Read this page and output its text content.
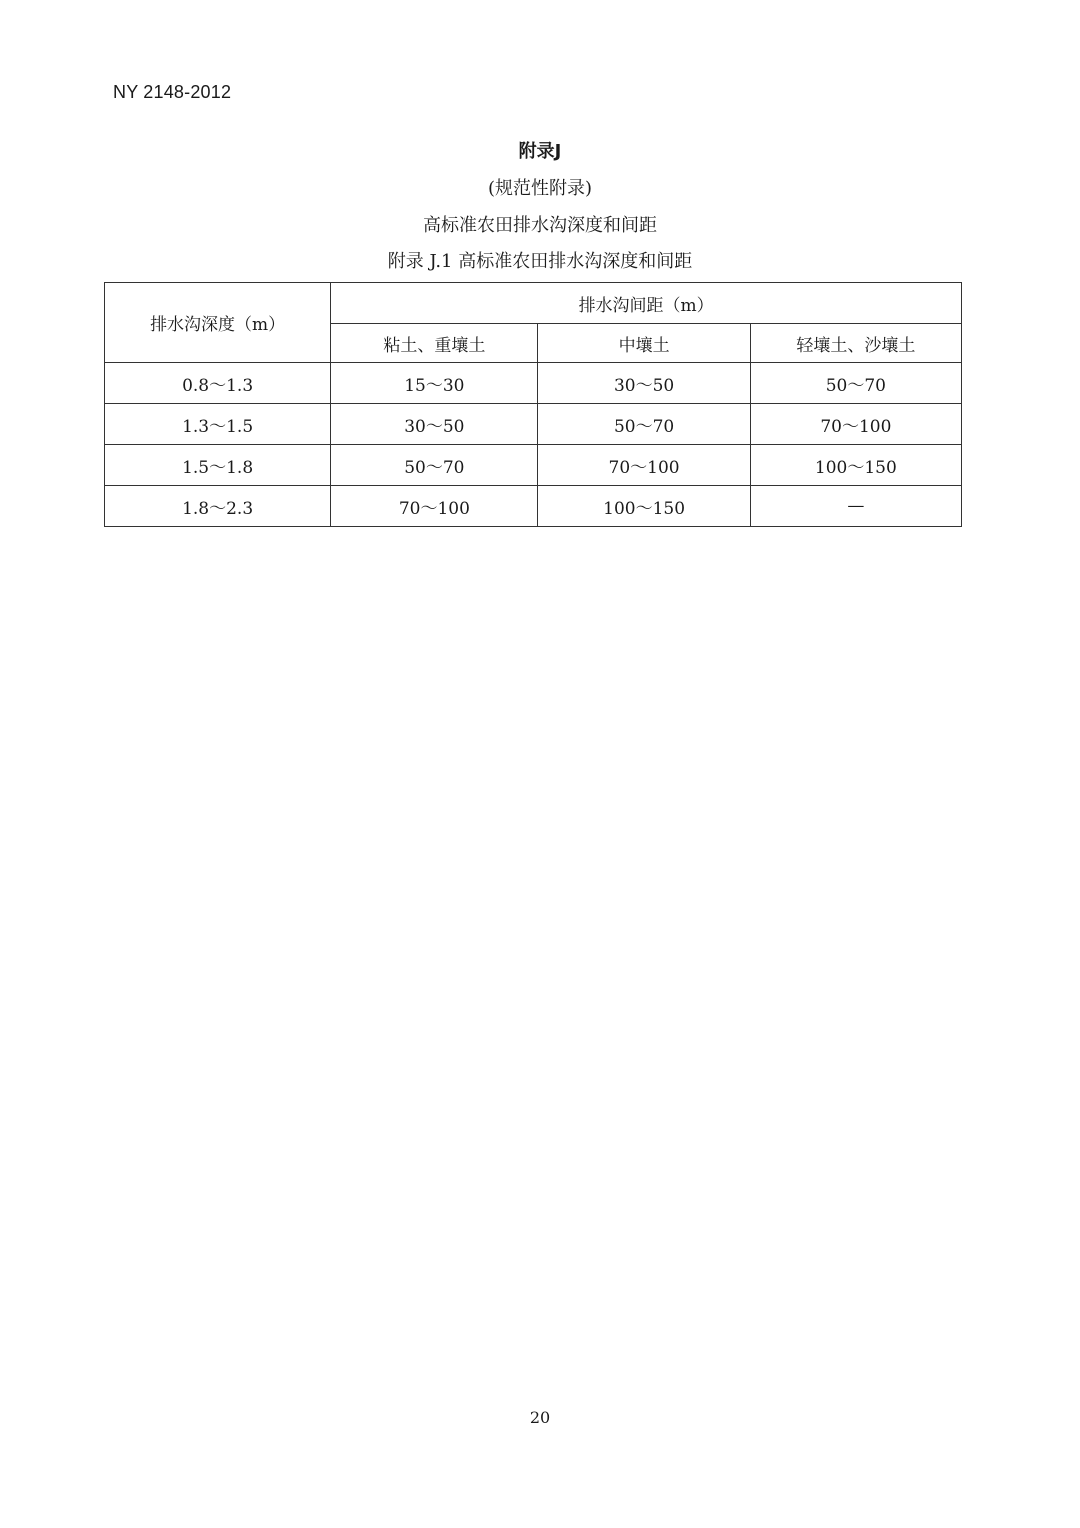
NY 2148-2012
附录J
(规范性附录)
高标准农田排水沟深度和间距
附录 J.1 高标准农田排水沟深度和间距
排水沟深度（m）	排水沟间距（m）		
	粘土、重壤土	中壤土	轻壤土、沙壤土
0.8～1.3	15～30	30～50	50～70
1.3～1.5	30～50	50～70	70～100
1.5～1.8	50～70	70～100	100～150
1.8～2.3	70～100	100～150	—
20
